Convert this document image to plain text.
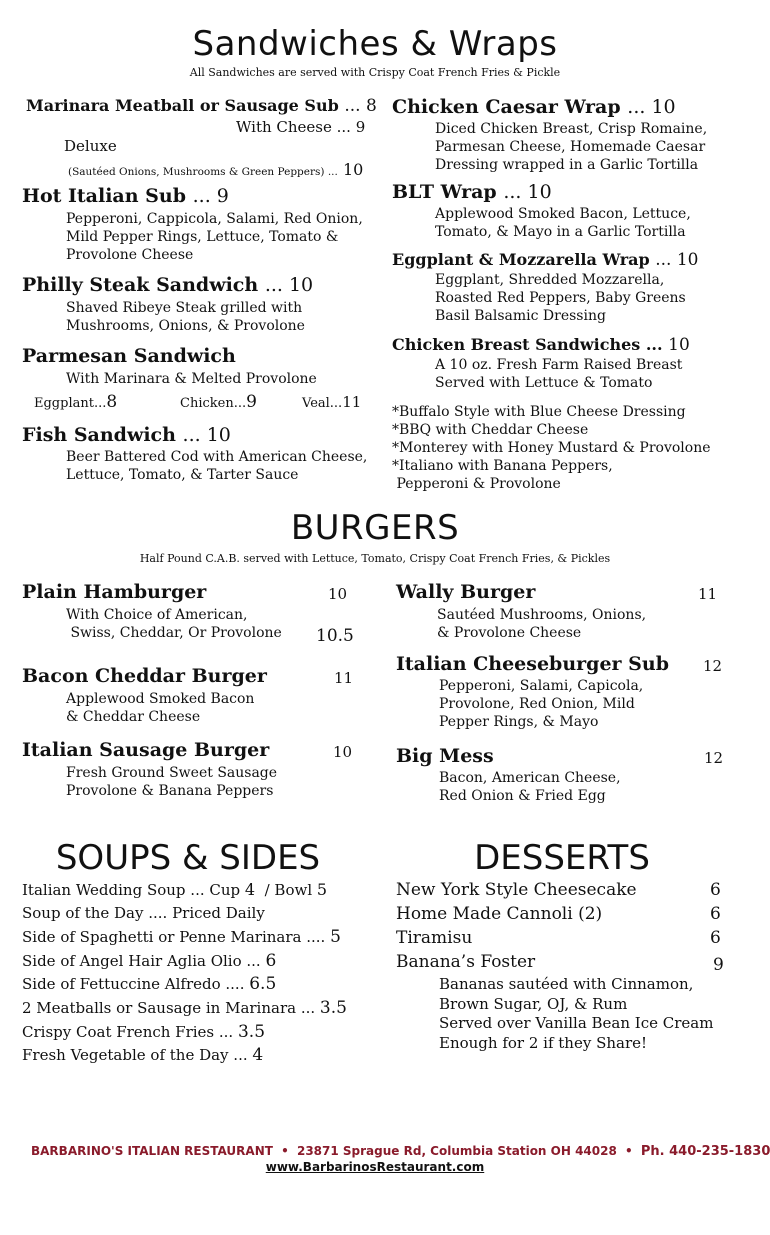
Sandwiches & Wraps
All Sandwiches are served with Crispy Coat French Fries & Pickle
Marinara Meatball or Sausage Sub ... 8
With Cheese ... 9
Deluxe
(Sautéed Onions, Mushrooms & Green Peppers) ... 10
Hot Italian Sub ... 9
Pepperoni, Cappicola, Salami, Red Onion,
Mild Pepper Rings, Lettuce, Tomato &
Provolone Cheese
Philly Steak Sandwich ... 10
Shaved Ribeye Steak grilled with
Mushrooms, Onions, & Provolone
Parmesan Sandwich
With Marinara & Melted Provolone
Eggplant...8	Chicken...9	Veal...11
Fish Sandwich ... 10
Beer Battered Cod with American Cheese,
Lettuce, Tomato, & Tarter Sauce
Chicken Caesar Wrap ... 10
Diced Chicken Breast, Crisp Romaine,
Parmesan Cheese, Homemade Caesar
Dressing wrapped in a Garlic Tortilla
BLT Wrap ... 10
Applewood Smoked Bacon, Lettuce,
Tomato, & Mayo in a Garlic Tortilla
Eggplant & Mozzarella Wrap ... 10
Eggplant, Shredded Mozzarella,
Roasted Red Peppers, Baby Greens
Basil Balsamic Dressing
Chicken Breast Sandwiches ... 10
A 10 oz. Fresh Farm Raised Breast
Served with Lettuce & Tomato
*Buffalo Style with Blue Cheese Dressing
*BBQ with Cheddar Cheese
*Monterey with Honey Mustard & Provolone
*Italiano with Banana Peppers,
Pepperoni & Provolone
BURGERS
Half Pound C.A.B. served with Lettuce, Tomato, Crispy Coat French Fries, & Pickles
Plain Hamburger	10
With Choice of American,
Swiss, Cheddar, Or Provolone 10.5
Bacon Cheddar Burger	11
Applewood Smoked Bacon
& Cheddar Cheese
Italian Sausage Burger	10
Fresh Ground Sweet Sausage
Provolone & Banana Peppers
Wally Burger	11
Sautéed Mushrooms, Onions,
& Provolone Cheese
Italian Cheeseburger Sub 12
Pepperoni, Salami, Capicola,
Provolone, Red Onion, Mild
Pepper Rings, & Mayo
Big Mess	12
Bacon, American Cheese,
Red Onion & Fried Egg
SOUPS & SIDES
Italian Wedding Soup ... Cup 4  / Bowl 5
Soup of the Day .... Priced Daily
Side of Spaghetti or Penne Marinara .... 5
Side of Angel Hair Aglia Olio ... 6
Side of Fettuccine Alfredo .... 6.5
2 Meatballs or Sausage in Marinara ... 3.5
Crispy Coat French Fries ... 3.5
Fresh Vegetable of the Day ... 4
DESSERTS
New York Style Cheesecake	6
Home Made Cannoli (2)	6
Tiramisu	6
Banana’s Foster	9
Bananas sautéed with Cinnamon,
Brown Sugar, OJ, & Rum
Served over Vanilla Bean Ice Cream
Enough for 2 if they Share!
BARBARINO'S ITALIAN RESTAURANT • 23871 Sprague Rd, Columbia Station OH 44028 • Ph. 440-235-1830
www.BarbarinosRestaurant.com
